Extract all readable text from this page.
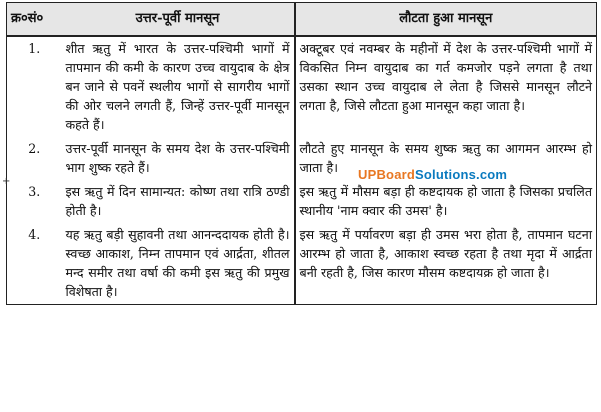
क्र०सं०	उत्तर-पूर्वी मानसून	लौटता हुआ मानसून
1.	शीत ऋतु में भारत के उत्तर-पश्चिमी भागों में तापमान की कमी के कारण उच्च वायुदाब के क्षेत्र बन जाने से पवनें स्थलीय भागों से सागरीय भागों की ओर चलने लगती हैं, जिन्हें उत्तर-पूर्वी मानसून कहते हैं।	अक्टूबर एवं नवम्बर के महीनों में देश के उत्तर-पश्चिमी भागों में विकसित निम्न वायुदाब का गर्त कमजोर पड़ने लगता है तथा उसका स्थान उच्च वायुदाब ले लेता है जिससे मानसून लौटने लगता है, जिसे लौटता हुआ मानसून कहा जाता है।
2.	उत्तर-पूर्वी मानसून के समय देश के उत्तर-पश्चिमी भाग शुष्क रहते हैं।	लौटते हुए मानसून के समय शुष्क ऋतु का आगमन आरम्भ हो जाता है।
3.	इस ऋतु में दिन सामान्यत: कोष्ण तथा रात्रि ठण्डी होती है।	इस ऋतु में मौसम बड़ा ही कष्टदायक हो जाता है जिसका प्रचलित स्थानीय 'नाम क्वार की उमस' है।
4.	यह ऋतु बड़ी सुहावनी तथा आनन्ददायक होती है। स्वच्छ आकाश, निम्न तापमान एवं आर्द्रता, शीतल मन्द समीर तथा वर्षा की कमी इस ऋतु की प्रमुख विशेषता है।	इस ऋतु में पर्यावरण बड़ा ही उमस भरा होता है, तापमान घटना आरम्भ हो जाता है, आकाश स्वच्छ रहता है तथा मृदा में आर्द्रता बनी रहती है, जिस कारण मौसम कष्टदायक्र हो जाता है।
UPBoardSolutions.com
+
